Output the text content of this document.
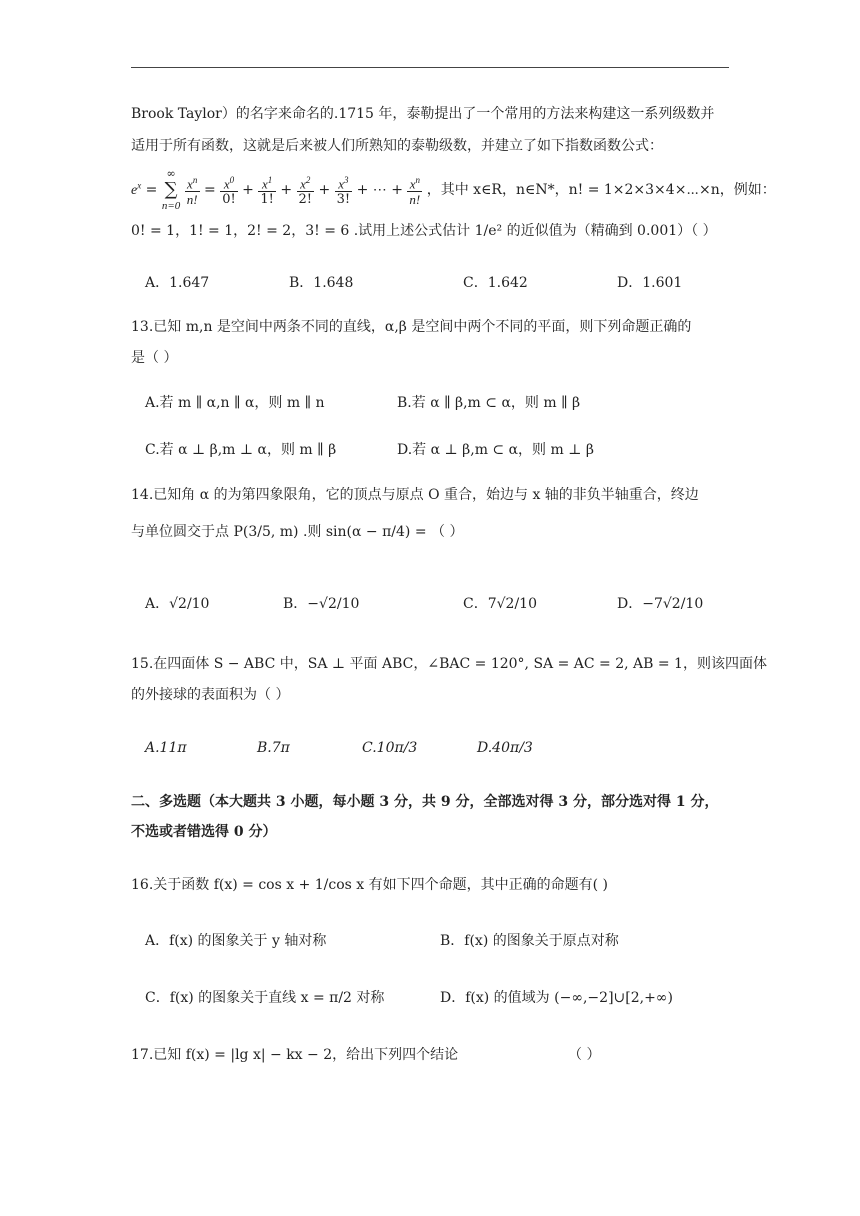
Brook Taylor）的名字来命名的.1715 年，泰勒提出了一个常用的方法来构建这一系列级数并
适用于所有函数，这就是后来被人们所熟知的泰勒级数，并建立了如下指数函数公式：
$e^x$ =
∞
∑
n=0
$\frac{x^n}{n!} = \frac{x^0}{0!} + \frac{x^1}{1!} + \frac{x^2}{2!} + \frac{x^3}{3!}$ + ⋯ + $\frac{x^n}{n!}$ ，其中 x∈R，n∈N*，n! = 1×2×3×4×⋯×n，例如：
0! = 1，1! = 1，2! = 2，3! = 6 .试用上述公式估计 1/e² 的近似值为（精确到 0.001）（ ）
A．1.647	B．1.648	C．1.642	D．1.601
13.已知 m,n 是空间中两条不同的直线，α,β 是空间中两个不同的平面，则下列命题正确的
是（ ）
A.若 m ∥ α,n ∥ α，则 m ∥ n	B.若 α ∥ β,m ⊂ α，则 m ∥ β
C.若 α ⊥ β,m ⊥ α，则 m ∥ β	D.若 α ⊥ β,m ⊂ α，则 m ⊥ β
14.已知角 α 的为第四象限角，它的顶点与原点 O 重合，始边与 x 轴的非负半轴重合，终边
与单位圆交于点 P(3/5, m) .则 sin(α − π/4) = （ ）
A．√2/10	B．−√2/10	C．7√2/10	D．−7√2/10
15.在四面体 S − ABC 中，SA ⊥ 平面 ABC，∠BAC = 120°, SA = AC = 2, AB = 1，则该四面体
的外接球的表面积为（ ）
A.11π	B.7π	C.10π/3	D.40π/3
二、多选题（本大题共 3 小题，每小题 3 分，共 9 分，全部选对得 3 分，部分选对得 1 分，
不选或者错选得 0 分）
16.关于函数 f(x) = cos x + 1/cos x 有如下四个命题，其中正确的命题有( )
A．f(x) 的图象关于 y 轴对称	B．f(x) 的图象关于原点对称
C．f(x) 的图象关于直线 x = π/2 对称	D．f(x) 的值域为 (−∞,−2]∪[2,+∞)
17.已知 f(x) = |lg x| − kx − 2，给出下列四个结论	（ ）
